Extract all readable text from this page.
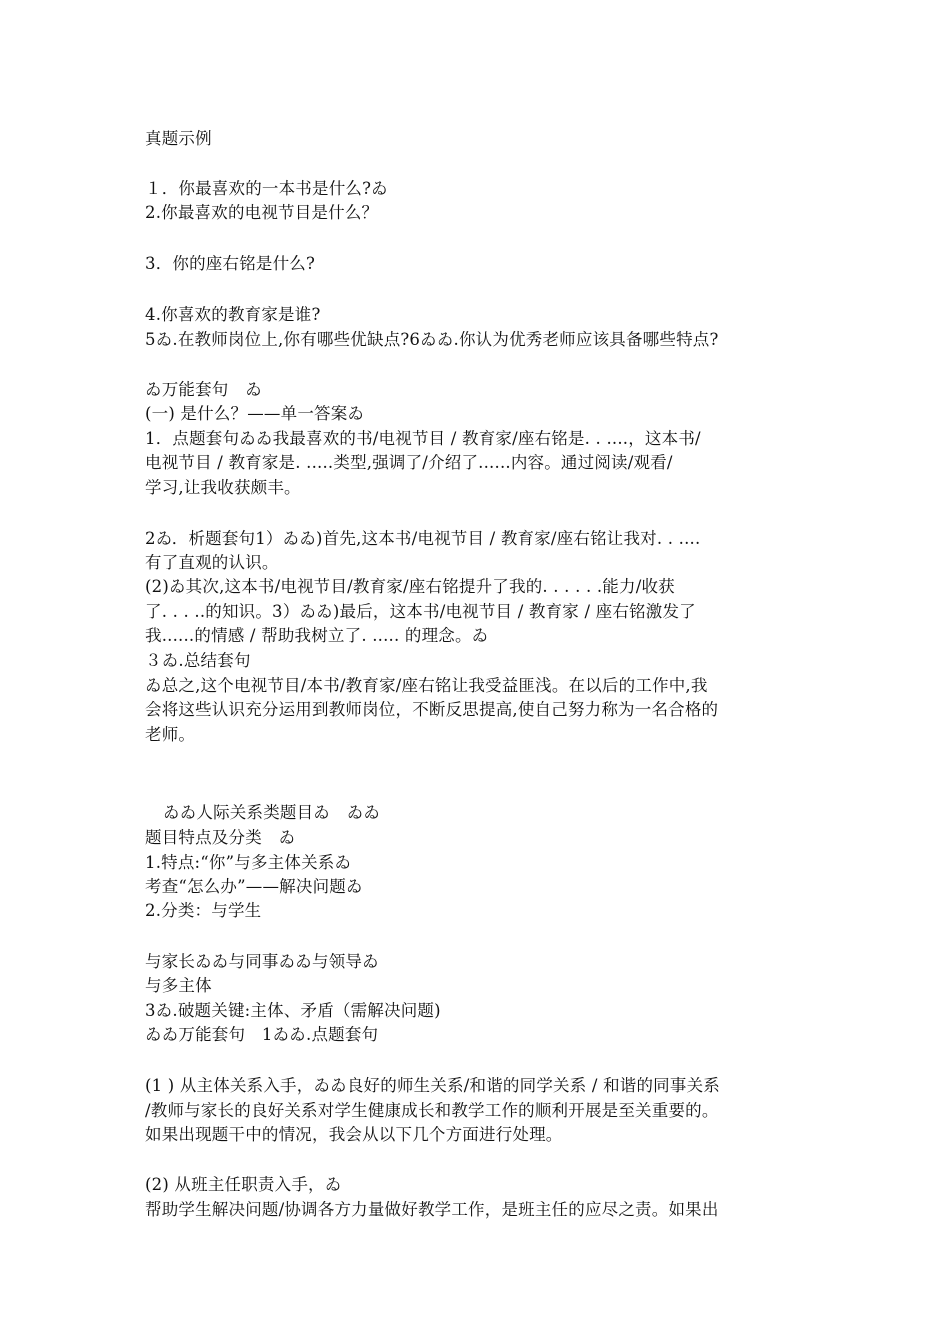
真题示例
１．你最喜欢的一本书是什么?ゐ
2.你最喜欢的电视节目是什么？
3．你的座右铭是什么?
4.你喜欢的教育家是谁?
5ゐ.在教师岗位上,你有哪些优缺点?6ゐゐ.你认为优秀老师应该具备哪些特点?
ゐ万能套句　ゐ
(一) 是什么？——单一答案ゐ
1．点题套句ゐゐ我最喜欢的书/电视节目 / 教育家/座右铭是. . ....，这本书/
电视节目 / 教育家是. .....类型,强调了/介绍了......内容。通过阅读/观看/
学习,让我收获颇丰。
2ゐ．析题套句1）ゐゐ)首先,这本书/电视节目 / 教育家/座右铭让我对. . ....
有了直观的认识。
(2)ゐ其次,这本书/电视节目/教育家/座右铭提升了我的. . . . . .能力/收获
了. . . ..的知识。3）ゐゐ)最后，这本书/电视节目 / 教育家 / 座右铭激发了
我......的情感 / 帮助我树立了. ..... 的理念。ゐ
３ゐ.总结套句
ゐ总之,这个电视节目/本书/教育家/座右铭让我受益匪浅。在以后的工作中,我
会将这些认识充分运用到教师岗位，不断反思提高,使自己努力称为一名合格的
老师。
ゐゐ人际关系类题目ゐ　ゐゐ
题目特点及分类　ゐ
1.特点:“你”与多主体关系ゐ
考查“怎么办”——解决问题ゐ
2.分类：与学生
与家长ゐゐ与同事ゐゐ与领导ゐ
与多主体
3ゐ.破题关键:主体、矛盾（需解决问题)
ゐゐ万能套句　1ゐゐ.点题套句
(1 ) 从主体关系入手，ゐゐ良好的师生关系/和谐的同学关系 / 和谐的同事关系
/教师与家长的良好关系对学生健康成长和教学工作的顺利开展是至关重要的。
如果出现题干中的情况，我会从以下几个方面进行处理。
(2) 从班主任职责入手，ゐ
帮助学生解决问题/协调各方力量做好教学工作，是班主任的应尽之责。如果出
